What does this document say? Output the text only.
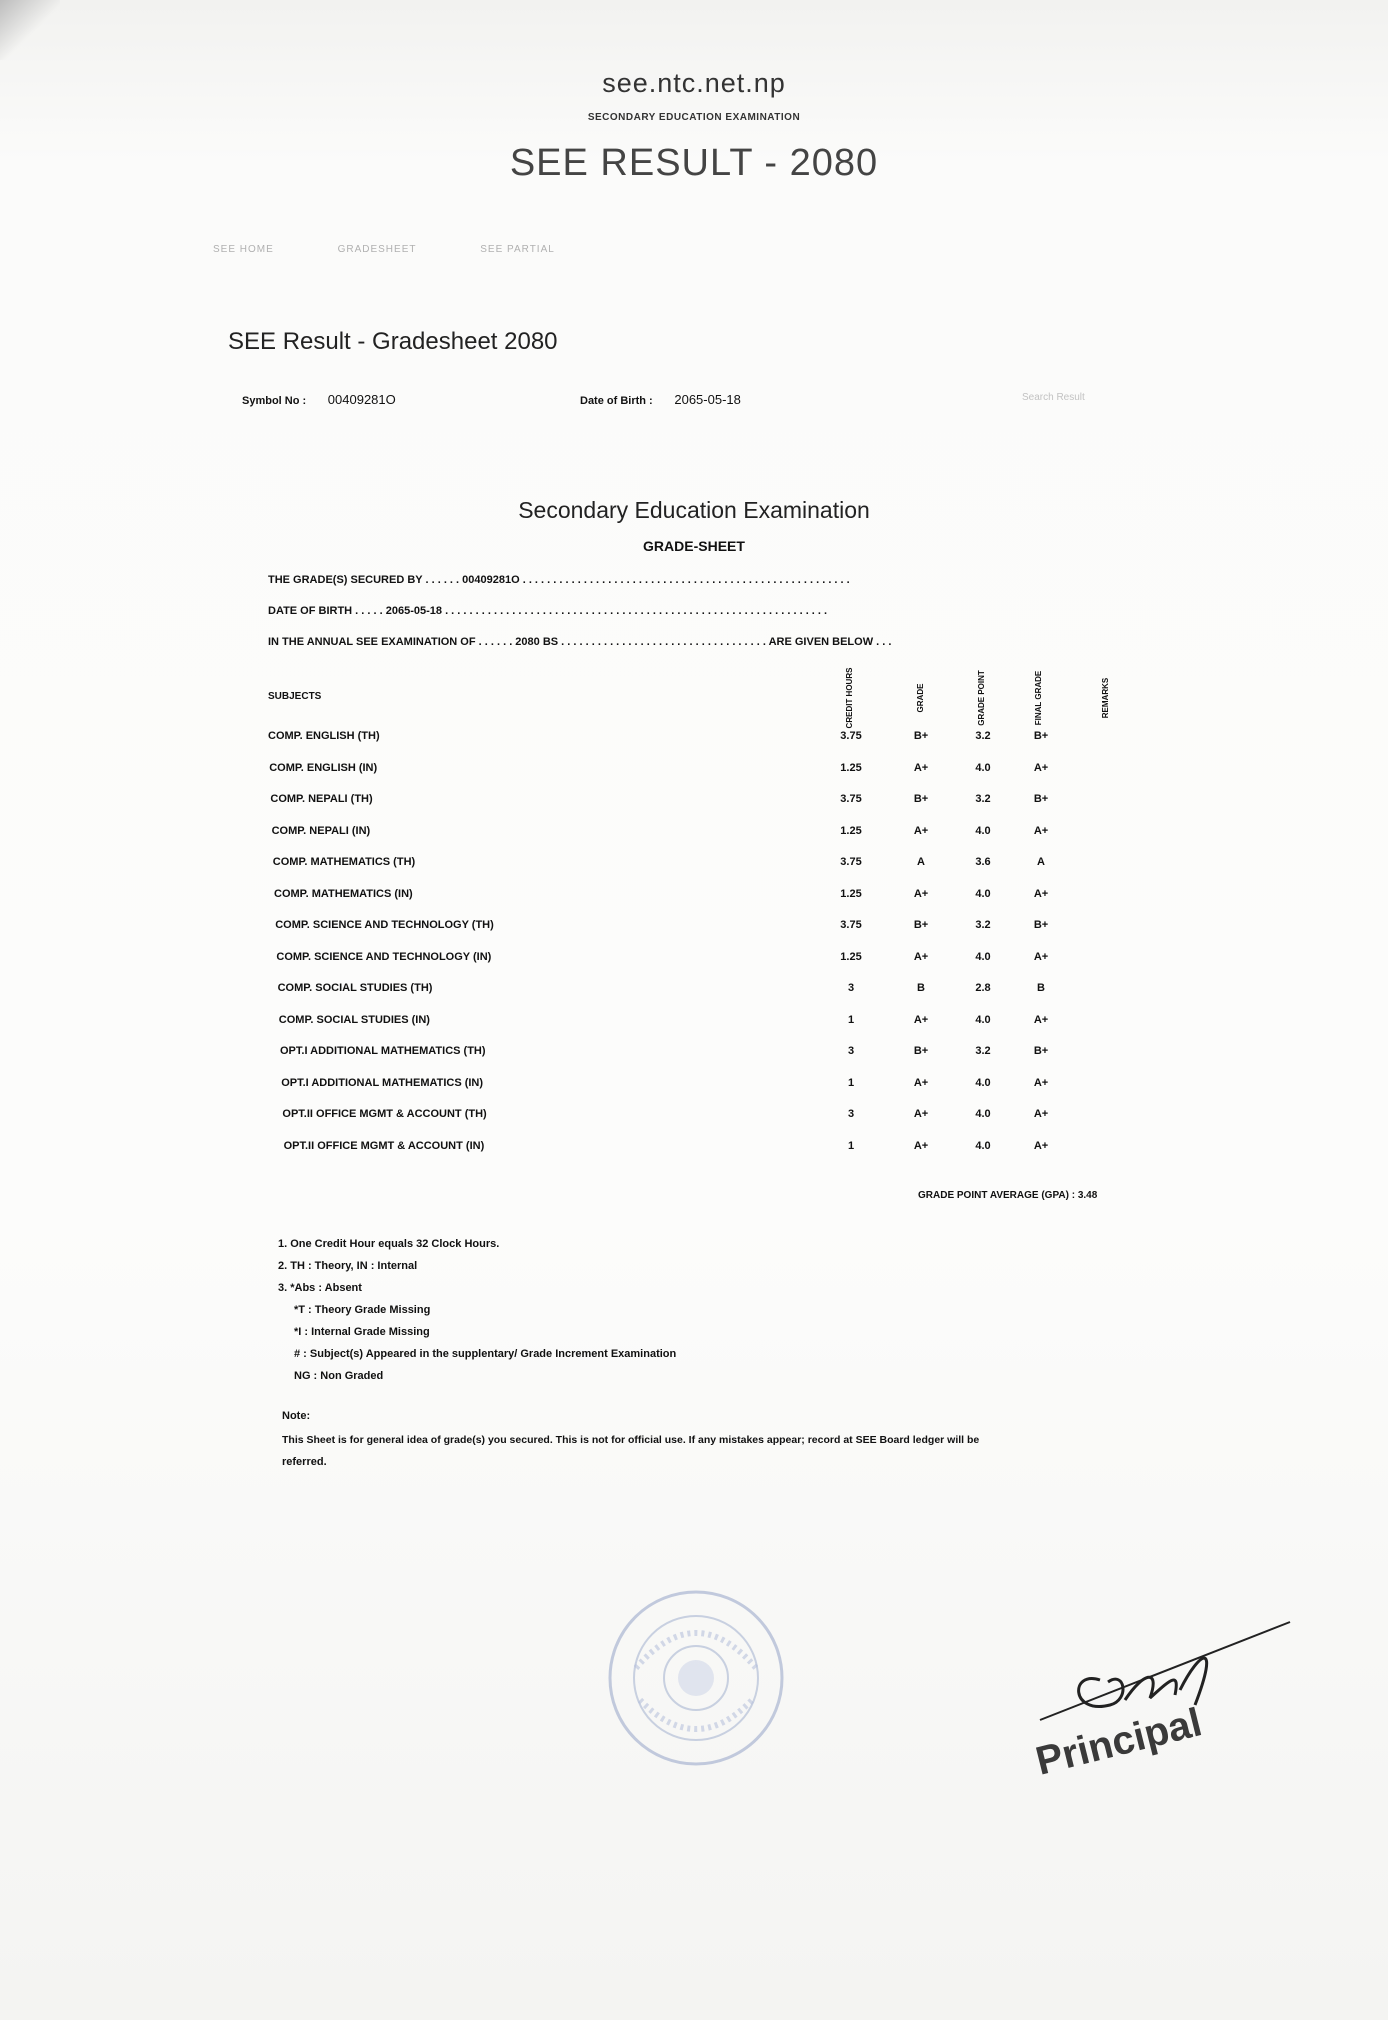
see.ntc.net.np
SECONDARY EDUCATION EXAMINATION
SEE RESULT - 2080
SEE HOME	GRADESHEET	SEE PARTIAL
SEE Result - Gradesheet 2080
Symbol No : 00409281O	Date of Birth : 2065-05-18	Search Result
Secondary Education Examination
GRADE-SHEET
THE GRADE(S) SECURED BY . . . . . . 00409281O . . . . . . . . . . . . . . . . . . . . . . . . . . . . . . . . . . . . . . . . . . . . . . . . . . . . . .
DATE OF BIRTH . . . . . 2065-05-18 . . . . . . . . . . . . . . . . . . . . . . . . . . . . . . . . . . . . . . . . . . . . . . . . . . . . . . . . . . . . . . .
IN THE ANNUAL SEE EXAMINATION OF . . . . . . 2080 BS . . . . . . . . . . . . . . . . . . . . . . . . . . . . . . . . . . ARE GIVEN BELOW . . .
SUBJECTS	CREDIT HOURS	GRADE	GRADE POINT	FINAL GRADE	REMARKS
COMP. ENGLISH (TH)	3.75	B+	3.2	B+
COMP. ENGLISH (IN)	1.25	A+	4.0	A+
COMP. NEPALI (TH)	3.75	B+	3.2	B+
COMP. NEPALI (IN)	1.25	A+	4.0	A+
COMP. MATHEMATICS (TH)	3.75	A	3.6	A
COMP. MATHEMATICS (IN)	1.25	A+	4.0	A+
COMP. SCIENCE AND TECHNOLOGY (TH)	3.75	B+	3.2	B+
COMP. SCIENCE AND TECHNOLOGY (IN)	1.25	A+	4.0	A+
COMP. SOCIAL STUDIES (TH)	3	B	2.8	B
COMP. SOCIAL STUDIES (IN)	1	A+	4.0	A+
OPT.I ADDITIONAL MATHEMATICS (TH)	3	B+	3.2	B+
OPT.I ADDITIONAL MATHEMATICS (IN)	1	A+	4.0	A+
OPT.II OFFICE MGMT & ACCOUNT (TH)	3	A+	4.0	A+
OPT.II OFFICE MGMT & ACCOUNT (IN)	1	A+	4.0	A+
GRADE POINT AVERAGE (GPA) : 3.48
1. One Credit Hour equals 32 Clock Hours.
2. TH : Theory, IN : Internal
3. *Abs : Absent
*T : Theory Grade Missing
*I : Internal Grade Missing
# : Subject(s) Appeared in the supplentary/ Grade Increment Examination
NG : Non Graded
Note:
This Sheet is for general idea of grade(s) you secured. This is not for official use. If any mistakes appear; record at SEE Board ledger will be
referred.
Principal
